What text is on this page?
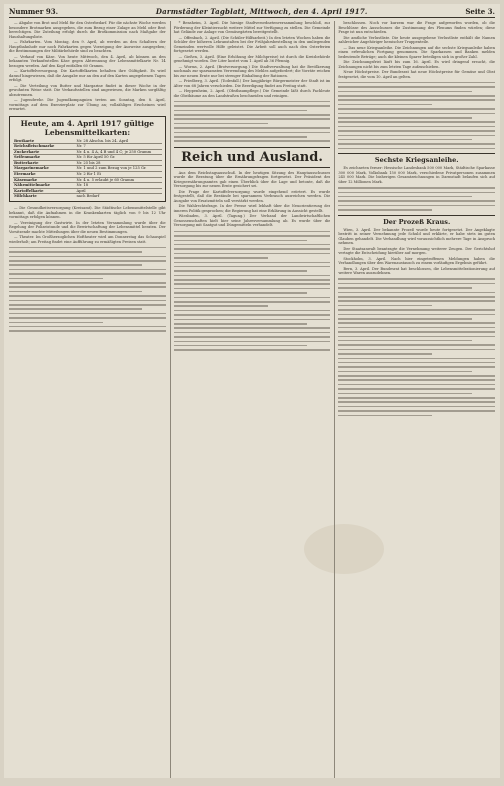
Nummer 93.	Darmstädter Tagblatt, Mittwoch, den 4. April 1917.	Seite 3.

— Abgabe von Brot und Mehl für den Osterbedarf. Für die nächste Woche werden besondere Brotmarken ausgegeben, die zum Bezug einer Zulage an Mehl oder Brot berechtigen. Die Zuteilung erfolgt durch die Brotkommission nach Maßgabe der Haushaltungsliste.

— Fahrkarten. Vom Montag, den 9. April, ab werden an den Schaltern der Hauptbahnhofe nur noch Fahrkarten gegen Vorzeigung der Ausweise ausgegeben; die Bestimmungen der Militärbehörde sind zu beachten.

— Verkauf von Käse. Von heute Mittwoch, den 4. April, ab können an den bekannten Verkaufsstellen Käse gegen Abtrennung der Lebensmittelkarte Nr. 14 bezogen werden. Auf den Kopf entfallen 60 Gramm.

— Kartoffelversorgung. Die Kartoffelkarten behalten ihre Gültigkeit. Es wird darauf hingewiesen, daß die Ausgabe nur an den auf den Karten angegebenen Tagen erfolgt.

— Die Verteilung von Butter und Margarine findet in dieser Woche in der gewohnten Weise statt. Die Verkaufsstellen sind angewiesen, die Marken sorgfältig abzutrennen.

— Jugendwehr. Die Jugendkompagnien treten am Sonntag, den 8. April, vormittags auf dem Exerzierplatz zur Übung an; vollzähliges Erscheinen wird erwartet.

Heute, am 4. April 1917 gültige Lebensmittelkarten:
Brotkarte	Nr. 28 Abschn. bis 24. April
Reichsfleischmarke	Nr. 7
Zuckerkarte	Nr. 4 u. 4 A, 4 B und 4 C; je 250 Gramm
Seifenmarke	Nr. 5 für April 50 Gr.
Butterkarte	Nr. 25 bis 28
Margarinemarke	Nr. 1 und 2 zum Bezug von je 125 Gr.
Eiermarke	Nr. 2 für 1 Ei
Käsemarke	Nr. 4 u. 5 erlaubt je 60 Gramm
Nährmittelmarke	Nr. 18
Kartoffelkarte	April
Milchkarte	nach Bedarf

— Die Gesundheitsversorgung (Kreisamt). Die Städtische Lebensmittelstelle gibt bekannt, daß die Aufnahmen in die Krankenkarten täglich von 9 bis 12 Uhr vormittags erfolgen können.

— Vereinigung der Gastwirte. In der letzten Versammlung wurde über die Regelung der Polizeistunde und die Bewirtschaftung der Lebensmittel beraten. Der Vorsitzende machte Mitteilungen über die neuen Bestimmungen.

— Theater. Im Großherzoglichen Hoftheater wird am Donnerstag das Schauspiel wiederholt; am Freitag findet eine Aufführung zu ermäßigten Preisen statt.

* Bensheim, 3. April. Die hiesige Stadtverordnetenversammlung beschloß, zur Förderung der Kleintierzucht weitere Mittel zur Verfügung zu stellen. Die Gemeinde hat Gelände zur Anlage von Gemüsegärten bereitgestellt.

— Offenbach, 2. April. (Die Schüler-Hilfsarbeit.) In den letzten Wochen haben die Schüler der höheren Lehranstalten bei der Frühjahrsbestellung in den umliegenden Gemeinden wertvolle Hilfe geleistet. Die Arbeit soll auch nach den Osterferien fortgesetzt werden.

— Gießen, 3. April. (Eine Erhöhung der Milchpreise) ist durch die Kreisbehörde genehmigt worden. Der Liter kostet vom 1. April ab 36 Pfennig.

— Worms, 2. April. (Brotversorgung.) Die Stadtverwaltung hat die Bevölkerung nochmals zur sparsamsten Verwendung des Mehles aufgefordert; die Vorräte reichen bis zur neuen Ernte nur bei strenger Einhaltung der Rationen.

— Friedberg, 3. April. (Todesfall.) Der langjährige Bürgermeister der Stadt ist im Alter von 68 Jahren verschieden. Die Beerdigung findet am Freitag statt.

— Heppenheim, 2. April. (Obstbaumpflege.) Die Gemeinde läßt durch Fachleute die Obstbäume an den Landstraßen beschneiden und reinigen.

Reich und Ausland.

Aus dem Reichstagsausschuß. In der heutigen Sitzung des Hauptausschusses wurde die Beratung über die Ernährungsfragen fortgesetzt. Der Präsident des Kriegsernährungsamtes gab einen Überblick über die Lage und betonte, daß die Versorgung bis zur neuen Ernte gesichert sei.

Die Frage der Kartoffelversorgung wurde eingehend erörtert. Es wurde festgestellt, daß die Bestände bei sparsamem Verbrauch ausreichen werden. Die Ausgabe von Ersatzmitteln soll verstärkt werden.

Die Wahlrechtsfrage. In der Presse wird lebhaft über die Neuorientierung der inneren Politik gesprochen; die Regierung hat eine Erklärung in Aussicht gestellt.

Wiesbaden, 3. April. (Tagung.) Der Verband der Landwirtschaftlichen Genossenschaften hielt hier seine Jahresversammlung ab. Es wurde über die Versorgung mit Saatgut und Düngemitteln verhandelt.

beschlossen. Noch vor kurzem war die Frage aufgeworfen worden, ob die Beschlüsse des Ausschusses die Zustimmung des Plenums finden würden; diese Frage ist nun entschieden.

Die amtliche Verlustliste. Die heute ausgegebene Verlustliste enthält die Namen zahlreicher Angehöriger hessischer Truppenteile.

— Das neue Kriegsanleihe. Die Zeichnungen auf die sechste Kriegsanleihe haben einen erfreulichen Fortgang genommen. Die Sparkassen und Banken melden bedeutende Beträge; auch die kleinen Sparer beteiligen sich in großer Zahl.

Die Zeichnungsfrist läuft bis zum 16. April. Es wird dringend ersucht, die Zeichnungen nicht bis zum letzten Tage aufzuschieben.

Neue Höchstpreise. Der Bundesrat hat neue Höchstpreise für Gemüse und Obst festgesetzt, die vom 10. April an gelten.

Sechste Kriegsanleihe.

Es zeichneten ferner: Hessische Landesbank 500 000 Mark, Städtische Sparkasse 300 000 Mark, Volksbank 150 000 Mark, verschiedene Privatpersonen zusammen 245 000 Mark. Die bisherigen Gesamtzeichnungen in Darmstadt belaufen sich auf über 12 Millionen Mark.

Der Prozeß Kraus.

Wien, 3. April. Der bekannte Prozeß wurde heute fortgesetzt. Der Angeklagte bestritt in seiner Vernehmung jede Schuld und erklärte, er habe stets im guten Glauben gehandelt. Die Verhandlung wird voraussichtlich mehrere Tage in Anspruch nehmen.

Der Staatsanwalt beantragte die Vernehmung weiterer Zeugen. Der Gerichtshof vertagte die Entscheidung hierüber auf morgen.

Stockholm, 3. April. Nach hier eingetroffenen Meldungen haben die Verhandlungen über den Warenaustausch zu einem vorläufigen Ergebnis geführt.

Bern, 3. April. Der Bundesrat hat beschlossen, die Lebensmittelrationierung auf weitere Waren auszudehnen.
